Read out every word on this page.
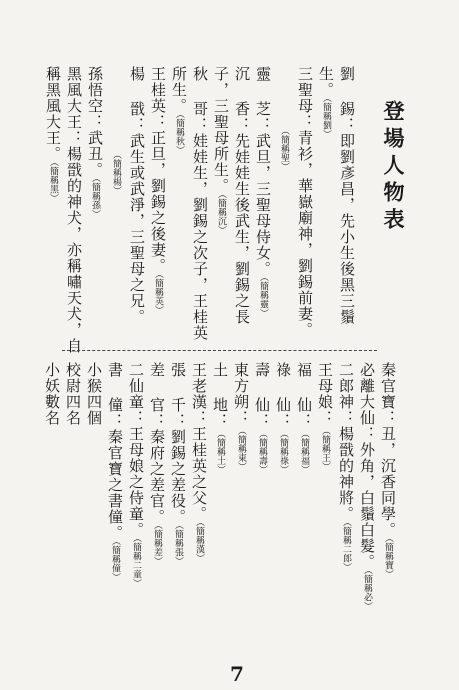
登場人物表
劉 錫：即劉彥昌，先小生後黑三鬚
生。（簡稱劉）
三聖母：青衫，華嶽廟神，劉錫前妻。
（簡稱聖）
靈 芝：武旦，三聖母侍女。（簡稱靈）
沉 香：先娃娃生後武生，劉錫之長
子，三聖母所生。（簡稱沉）
秋 哥：娃娃生，劉錫之次子，王桂英
所生。（簡稱秋）
王桂英：正旦，劉錫之後妻。（簡稱英）
楊 戩：武生或武淨，三聖母之兄。
（簡稱楊）
孫悟空：武丑。（簡稱孫）
黑風大王：楊戩的神犬，亦稱嘯天犬，自
稱黑風大王。（簡稱黑）
秦官寶：丑，沉香同學。（簡稱寶）
必離大仙：外角，白鬚白髮。（簡稱必）
二郎神：楊戩的神將。（簡稱二郎）
王母娘：（簡稱王）
福 仙：（簡稱福）
祿 仙：（簡稱祿）
壽 仙：（簡稱壽）
東方朔：（簡稱東）
土 地：（簡稱土）
王老漢：王桂英之父。（簡稱漢）
張 千：劉錫之差役。（簡稱張）
差 官：秦府之差官。（簡稱差）
二仙童：王母娘之侍童。（簡稱二童）
書 僮：秦官寶之書僮。（簡稱僮）
小猴四個
校尉四名
小妖數名
7
